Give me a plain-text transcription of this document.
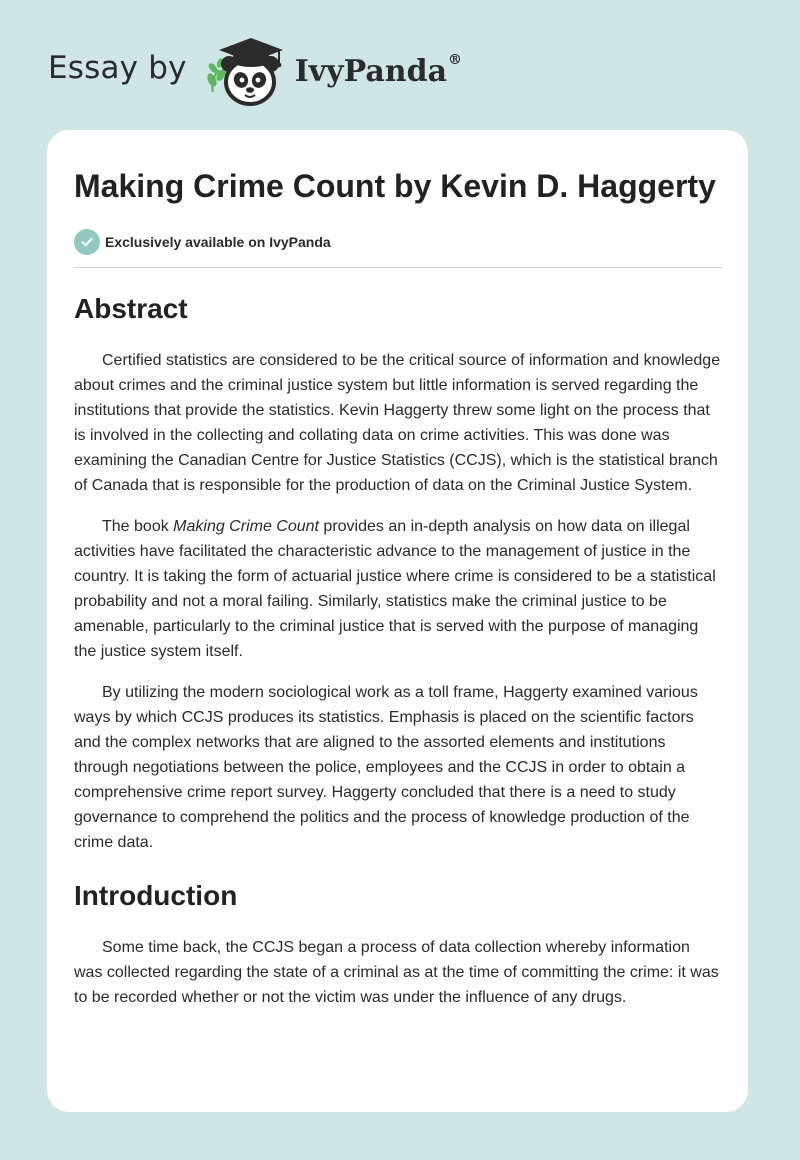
Essay by	IvyPanda®
Making Crime Count by Kevin D. Haggerty
Exclusively available on IvyPanda
Abstract

Certified statistics are considered to be the critical source of information and knowledge about crimes and the criminal justice system but little information is served regarding the institutions that provide the statistics. Kevin Haggerty threw some light on the process that is involved in the collecting and collating data on crime activities. This was done was examining the Canadian Centre for Justice Statistics (CCJS), which is the statistical branch of Canada that is responsible for the production of data on the Criminal Justice System.

The book Making Crime Count provides an in-depth analysis on how data on illegal activities have facilitated the characteristic advance to the management of justice in the country. It is taking the form of actuarial justice where crime is considered to be a statistical probability and not a moral failing. Similarly, statistics make the criminal justice to be amenable, particularly to the criminal justice that is served with the purpose of managing the justice system itself.

By utilizing the modern sociological work as a toll frame, Haggerty examined various ways by which CCJS produces its statistics. Emphasis is placed on the scientific factors and the complex networks that are aligned to the assorted elements and institutions through negotiations between the police, employees and the CCJS in order to obtain a comprehensive crime report survey. Haggerty concluded that there is a need to study governance to comprehend the politics and the process of knowledge production of the crime data.

Introduction

Some time back, the CCJS began a process of data collection whereby information was collected regarding the state of a criminal as at the time of committing the crime: it was to be recorded whether or not the victim was under the influence of any drugs.
